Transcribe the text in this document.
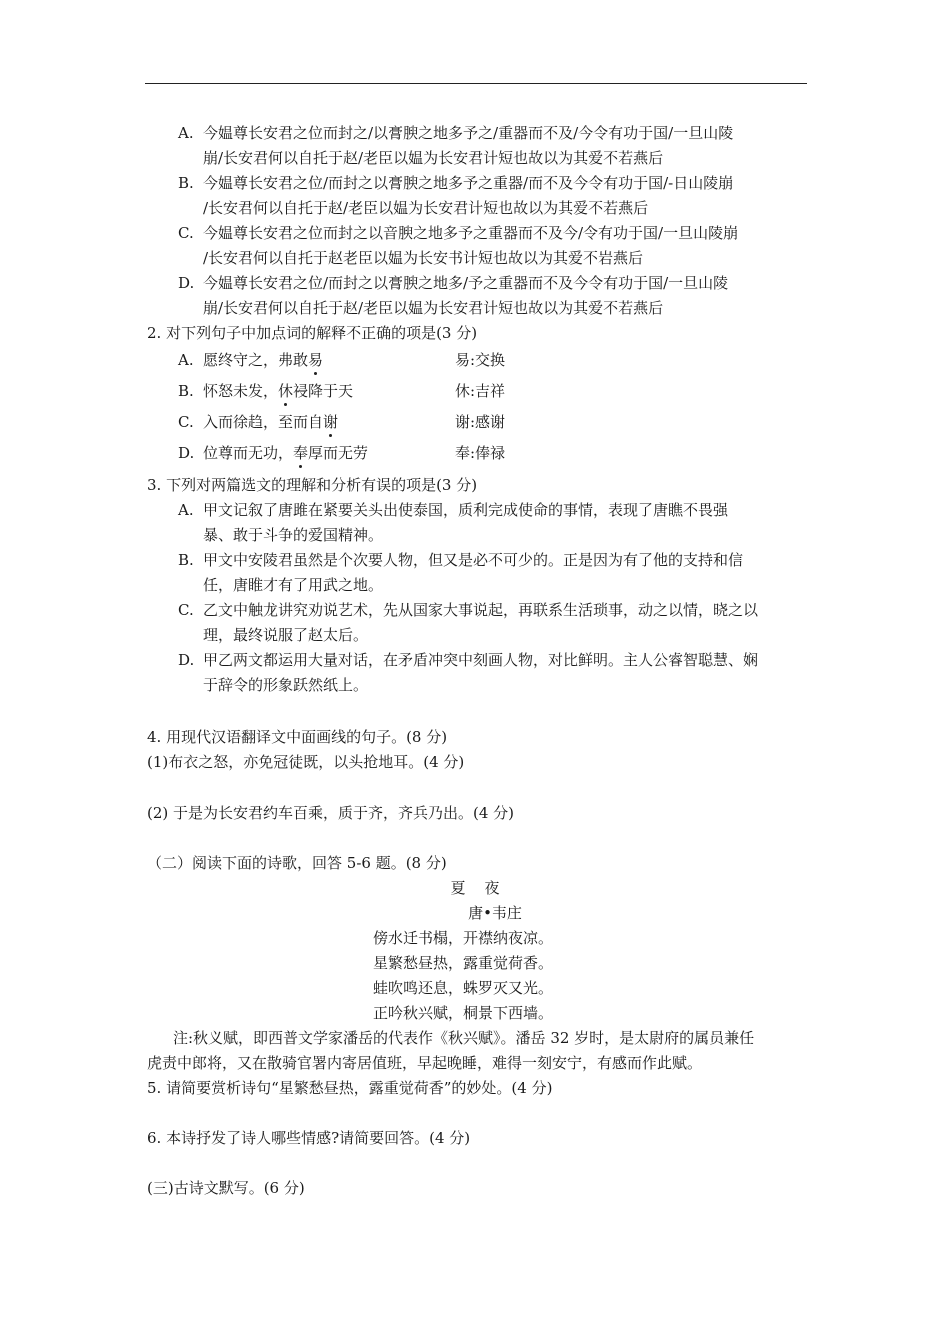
A. 今媪尊长安君之位而封之/以膏腴之地多予之/重器而不及/今令有功于国/一旦山陵
崩/长安君何以自托于赵/老臣以媪为长安君计短也故以为其爱不若燕后
B. 今媪尊长安君之位/而封之以膏腴之地多予之重器/而不及今令有功于国/-日山陵崩
/长安君何以自托于赵/老臣以媪为长安君计短也故以为其爱不若燕后
C. 今媪尊长安君之位而封之以音腴之地多予之重器而不及今/令有功于国/一旦山陵崩
/长安君何以自托于赵老臣以媪为长安书计短也故以为其爱不岩燕后
D. 今媪尊长安君之位/而封之以膏腴之地多/予之重器而不及今令有功于国/一旦山陵
崩/长安君何以自托于赵/老臣以媪为长安君计短也故以为其爱不若燕后
2. 对下列句子中加点词的解释不正确的项是(3 分)
A. 愿终守之，弗敢易	易:交换
B. 怀怒未发，休祲降于天	休:吉祥
C. 入而徐趋，至而自谢	谢:感谢
D. 位尊而无功，奉厚而无劳	奉:俸禄
3. 下列对两篇选文的理解和分析有误的项是(3 分)
A. 甲文记叙了唐雎在紧要关头出使泰国，质利完成使命的事情，表现了唐瞧不畏强
暴、敢于斗争的爱国精神。
B. 甲文中安陵君虽然是个次要人物，但又是必不可少的。正是因为有了他的支持和信
任，唐睢才有了用武之地。
C. 乙文中触龙讲究劝说艺术，先从国家大事说起，再联系生活琐事，动之以情，晓之以
理，最终说服了赵太后。
D. 甲乙两文都运用大量对话，在矛盾冲突中刻画人物，对比鲜明。主人公睿智聪慧、娴
于辞令的形象跃然纸上。
4. 用现代汉语翻译文中面画线的句子。(8 分)
(1)布衣之怒，亦免冠徒既，以头抢地耳。(4 分)
(2) 于是为长安君约车百乘，质于齐，齐兵乃出。(4 分)
（二）阅读下面的诗歌，回答 5-6 题。(8 分)
夏    夜
唐•韦庄
傍水迁书榻，开襟纳夜凉。
星繁愁昼热，露重觉荷香。
蛙吹鸣还息，蛛罗灭又光。
正吟秋兴赋，桐景下西墙。
注:秋义赋，即西普文学家潘岳的代表作《秋兴赋》。潘岳 32 岁时，是太尉府的属员兼任
虎责中郎将，又在散骑官署内寄居值班，早起晚睡，难得一刻安宁，有感而作此赋。
5. 请简要赏析诗句“星繁愁昼热，露重觉荷香”的妙处。(4 分)
6. 本诗抒发了诗人哪些情感?请简要回答。(4 分)
(三)古诗文默写。(6 分)
